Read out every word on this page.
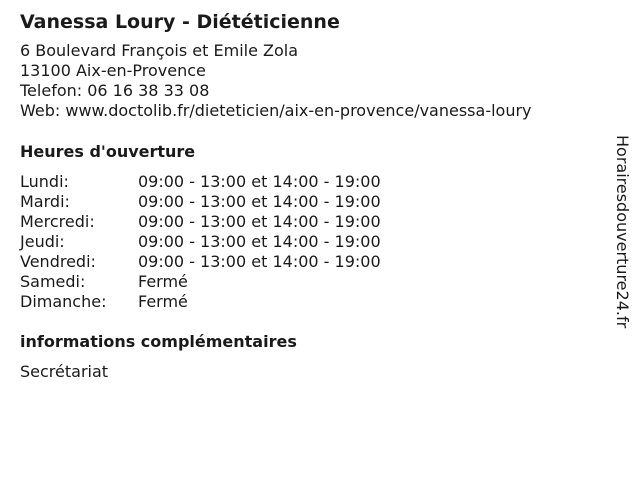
Vanessa Loury - Diététicienne
6 Boulevard François et Emile Zola
13100 Aix-en-Provence
Telefon: 06 16 38 33 08
Web: www.doctolib.fr/dieteticien/aix-en-provence/vanessa-loury
Heures d'ouverture
Lundi:	09:00 - 13:00 et 14:00 - 19:00
Mardi:	09:00 - 13:00 et 14:00 - 19:00
Mercredi:	09:00 - 13:00 et 14:00 - 19:00
Jeudi:	09:00 - 13:00 et 14:00 - 19:00
Vendredi:	09:00 - 13:00 et 14:00 - 19:00
Samedi:	Fermé
Dimanche:	Fermé
informations complémentaires
Secrétariat
Horairesdouverture24.fr
